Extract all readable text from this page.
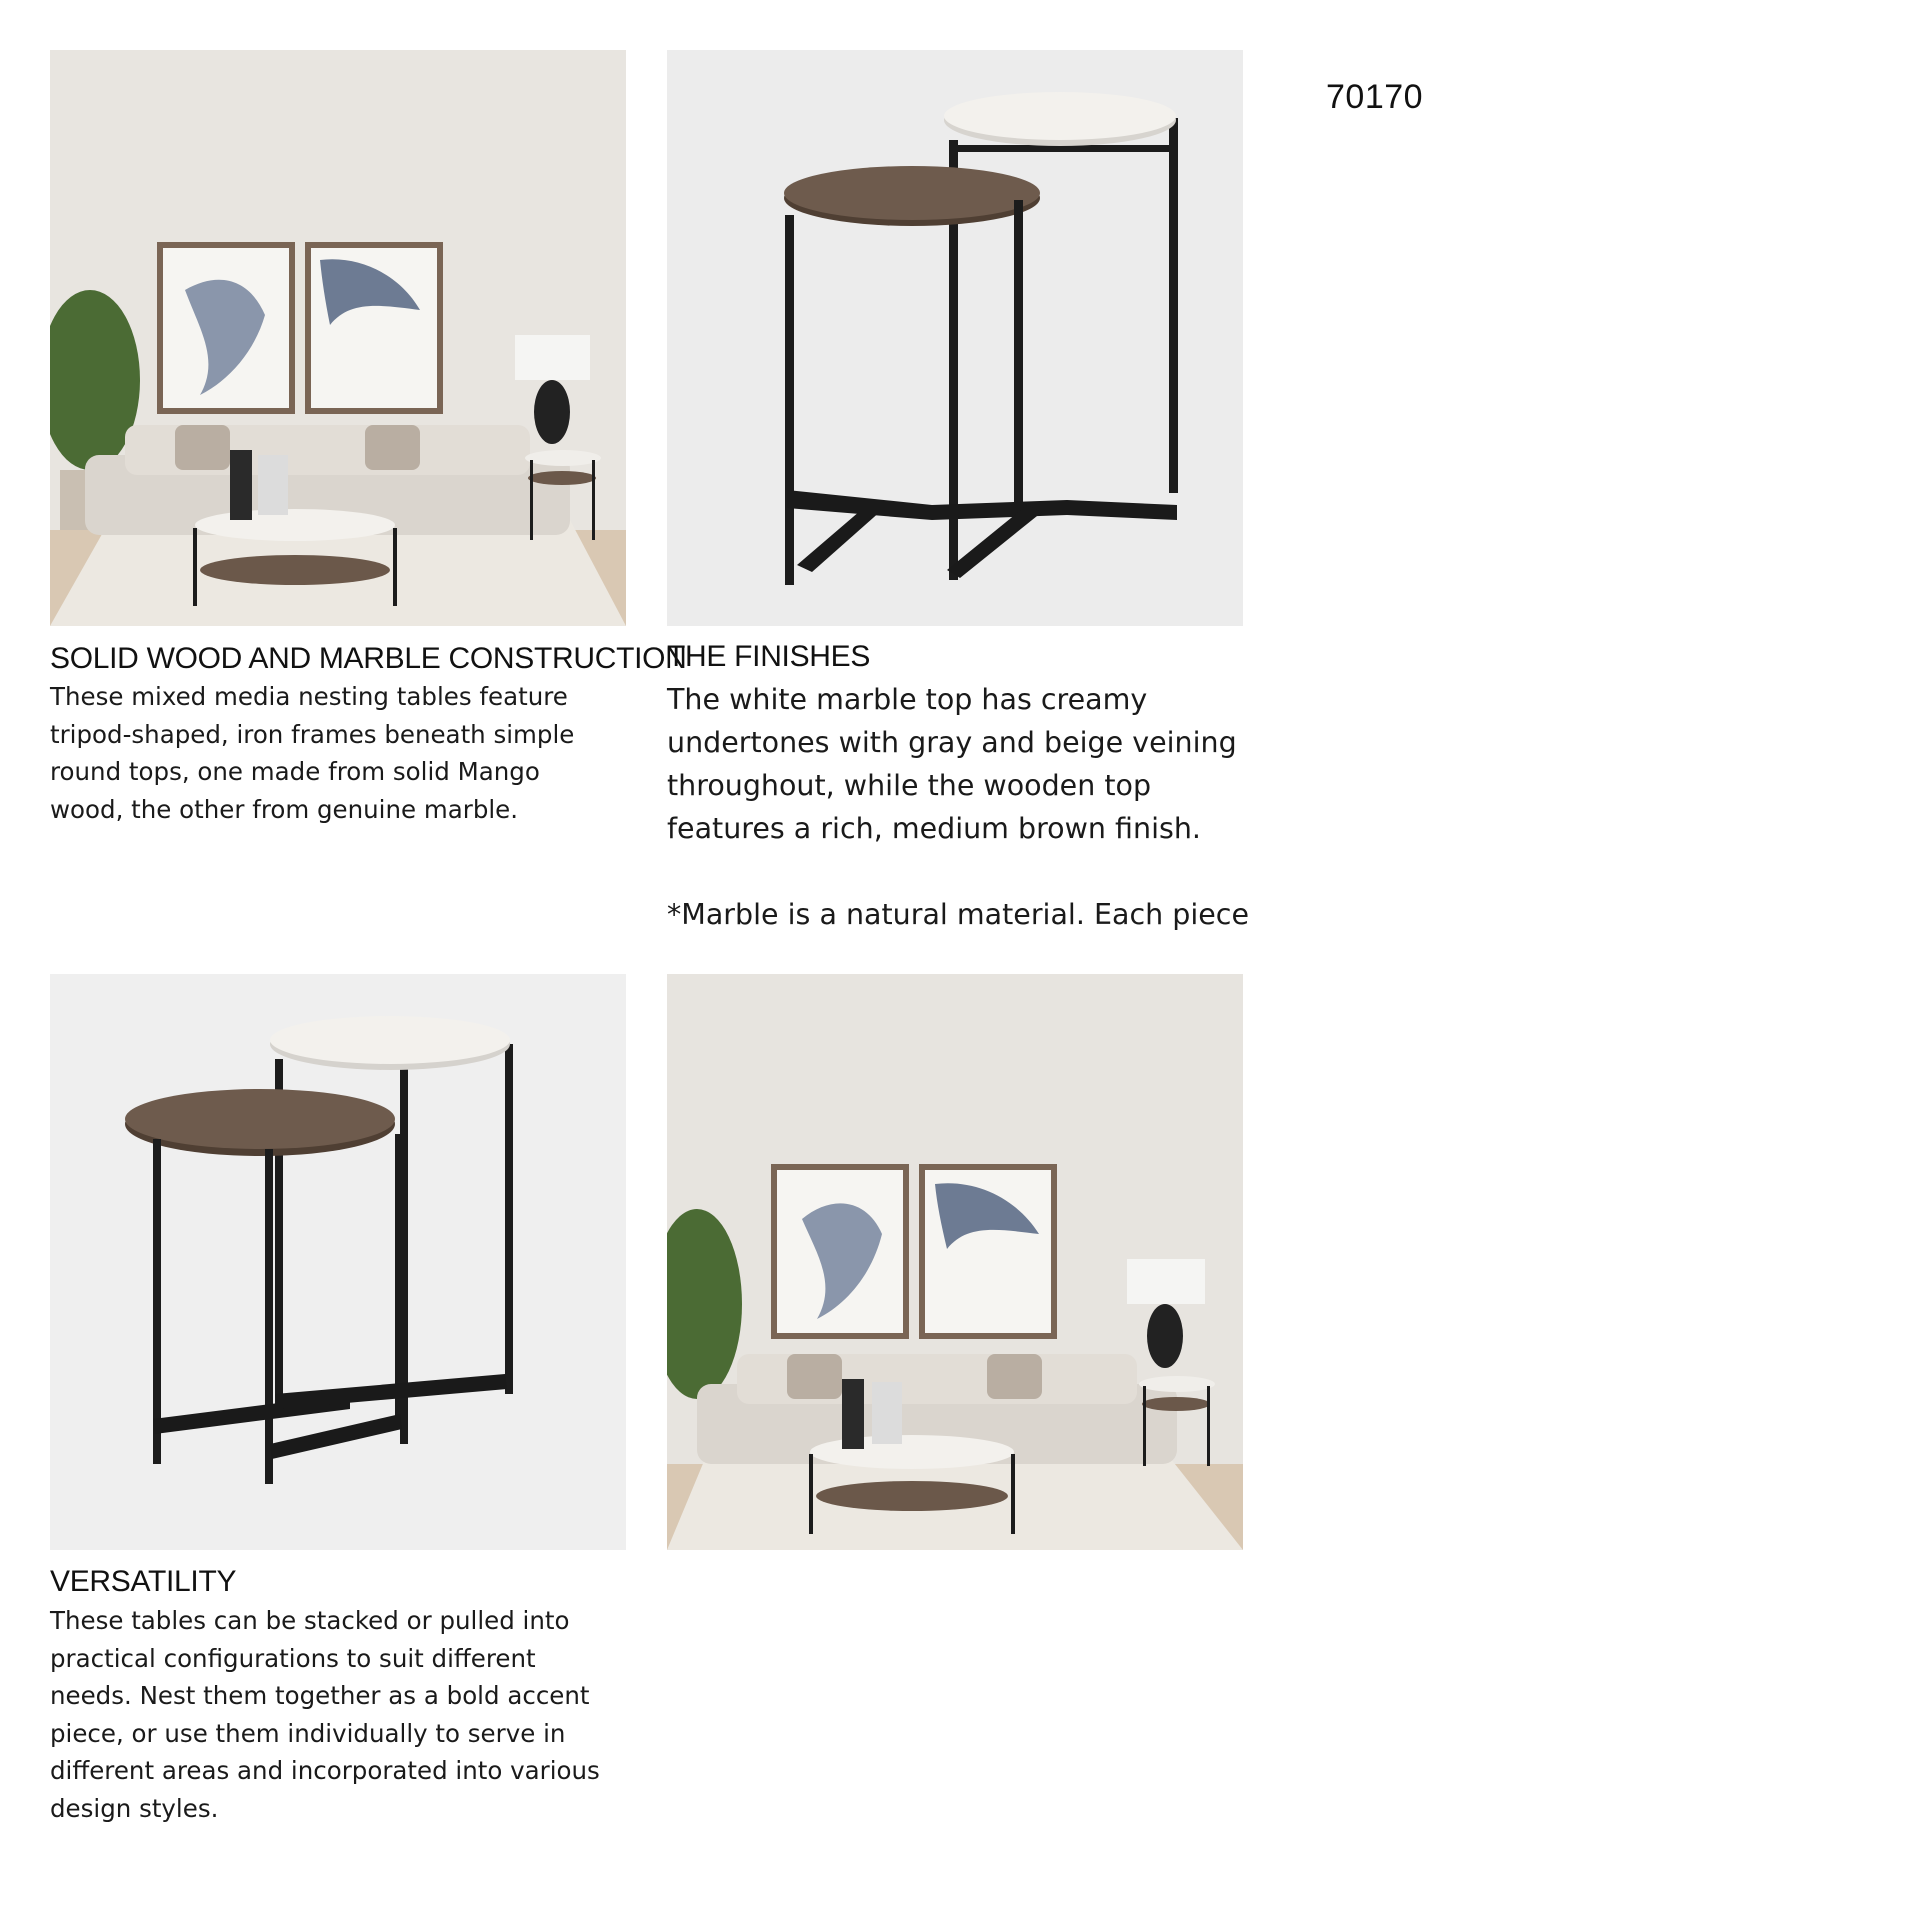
70170
SOLID WOOD AND MARBLE CONSTRUCTION

These mixed media nesting tables feature tripod-shaped, iron frames beneath simple round tops, one made from solid Mango wood, the other from genuine marble.

THE FINISHES

The white marble top has creamy undertones with gray and beige veining throughout, while the wooden top features a rich, medium brown finish.

*Marble is a natural material. Each piece

VERSATILITY

These tables can be stacked or pulled into practical configurations to suit different needs. Nest them together as a bold accent piece, or use them individually to serve in different areas and incorporated into various design styles.
